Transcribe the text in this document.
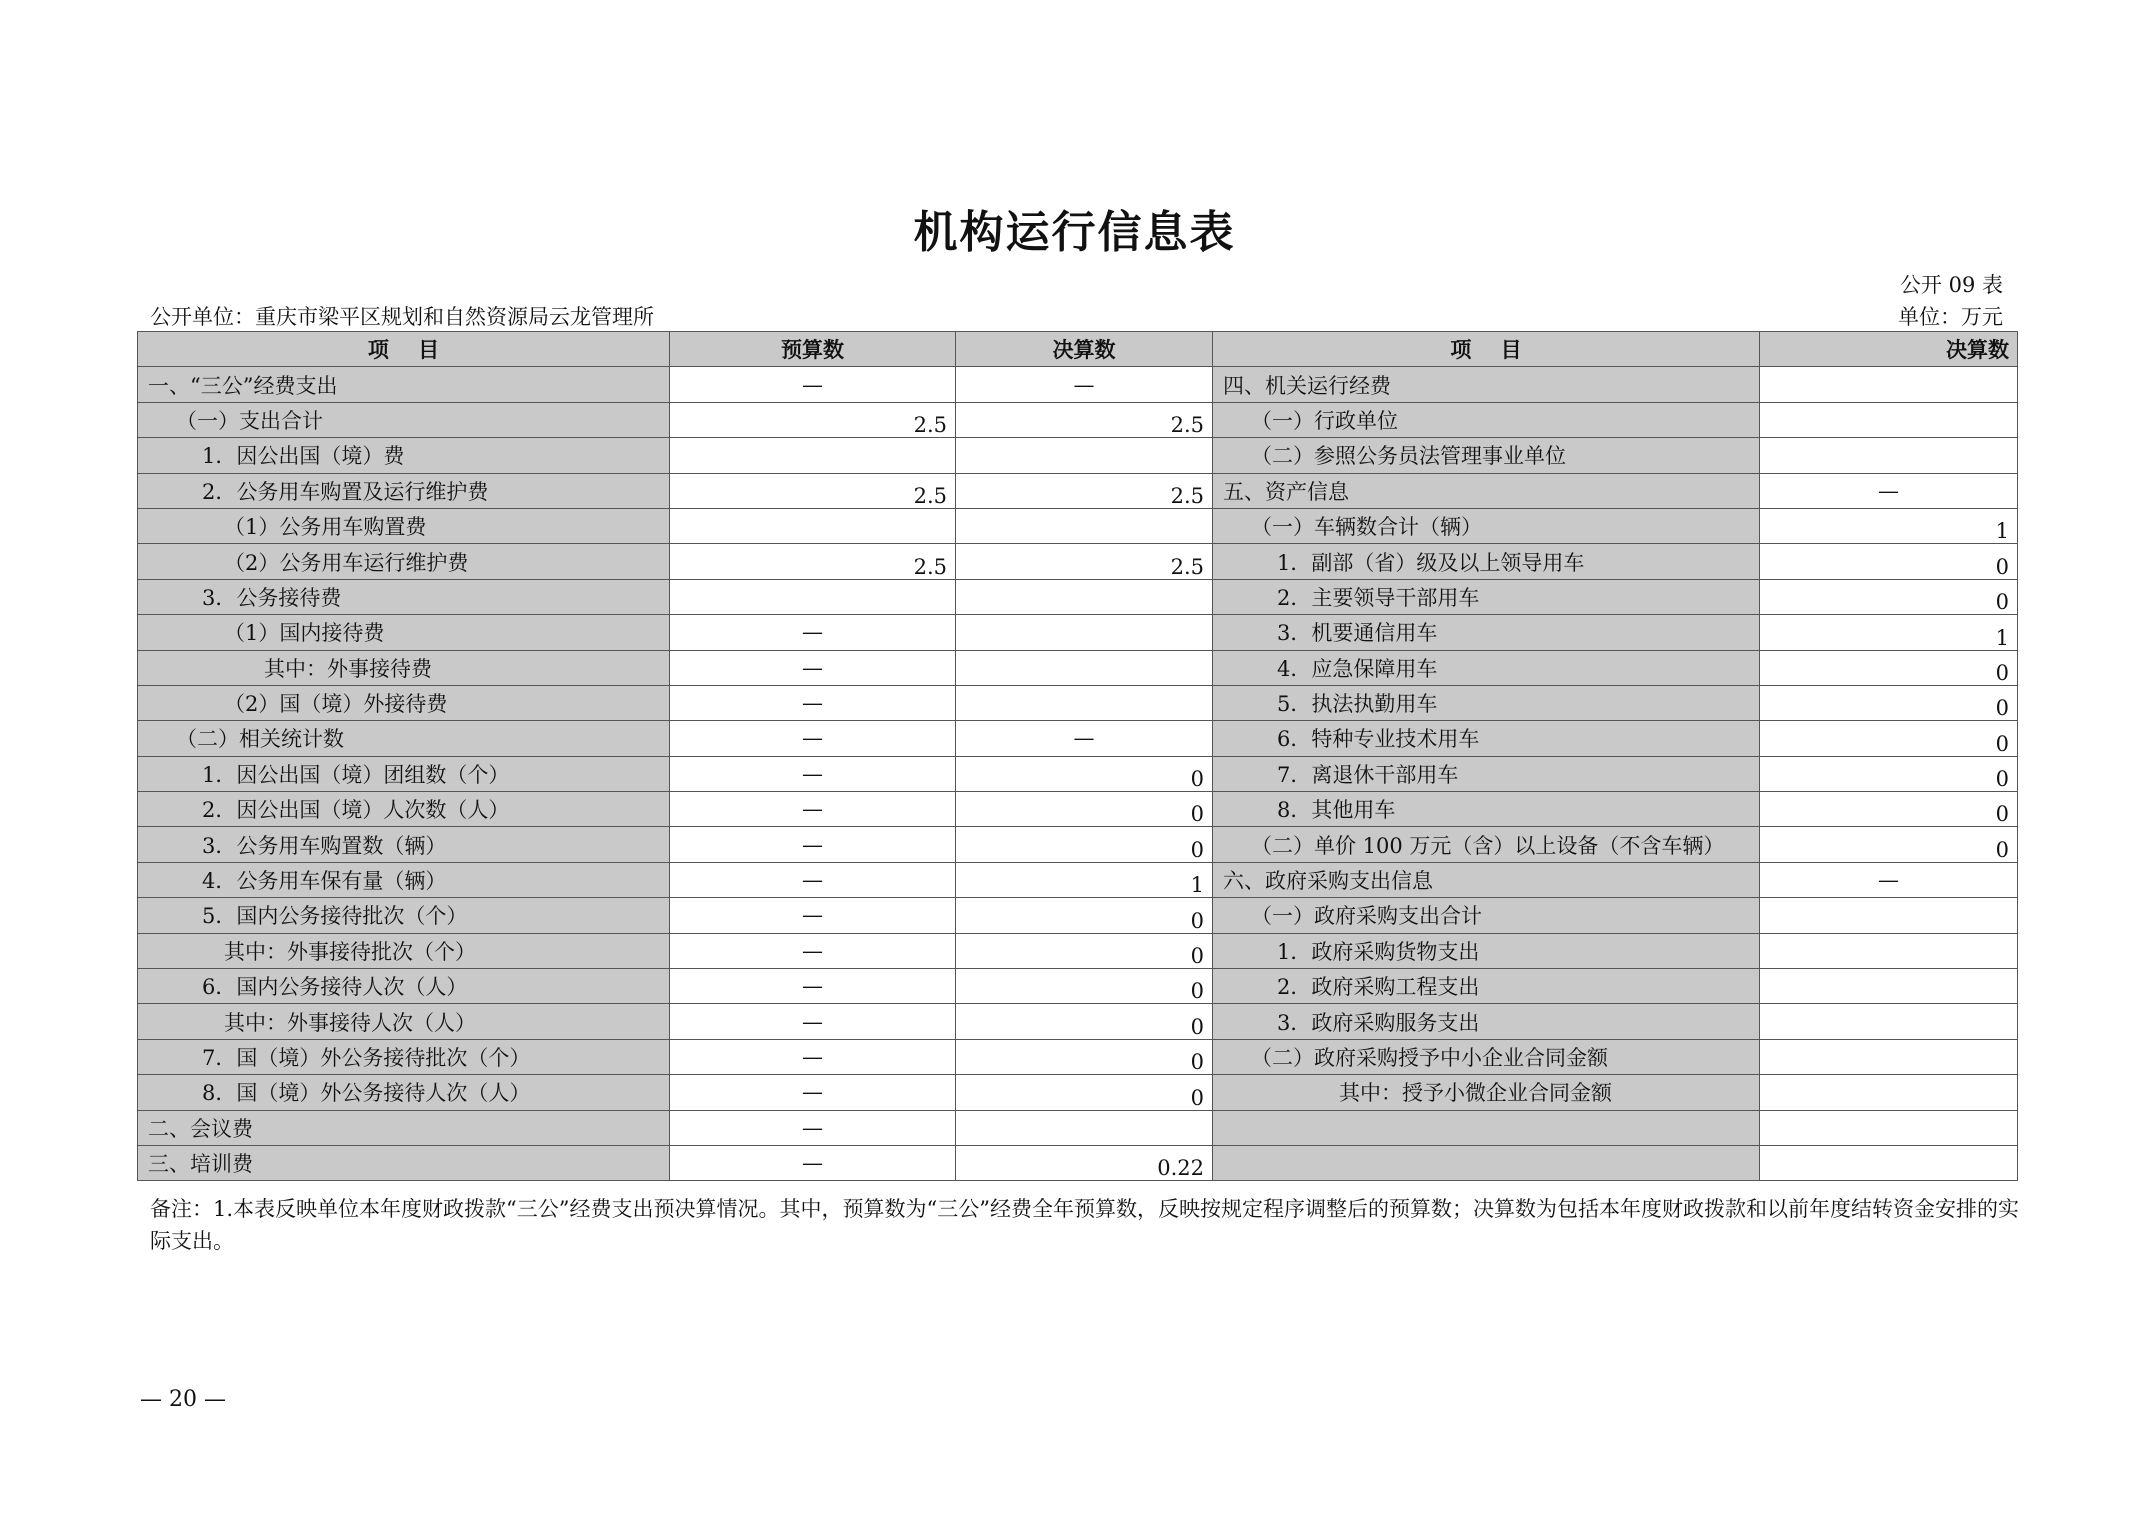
机构运行信息表
公开 09 表
公开单位：重庆市梁平区规划和自然资源局云龙管理所	单位：万元
项    目	预算数	决算数	项    目	决算数
一、“三公”经费支出	—	—	四、机关运行经费	
（一）支出合计	2.5	2.5	（一）行政单位	
1．因公出国（境）费			（二）参照公务员法管理事业单位	
2．公务用车购置及运行维护费	2.5	2.5	五、资产信息	—
（1）公务用车购置费			（一）车辆数合计（辆）	1
（2）公务用车运行维护费	2.5	2.5	1．副部（省）级及以上领导用车	0
3．公务接待费			2．主要领导干部用车	0
（1）国内接待费	—		3．机要通信用车	1
其中：外事接待费	—		4．应急保障用车	0
（2）国（境）外接待费	—		5．执法执勤用车	0
（二）相关统计数	—	—	6．特种专业技术用车	0
1．因公出国（境）团组数（个）	—	0	7．离退休干部用车	0
2．因公出国（境）人次数（人）	—	0	8．其他用车	0
3．公务用车购置数（辆）	—	0	（二）单价 100 万元（含）以上设备（不含车辆）	0
4．公务用车保有量（辆）	—	1	六、政府采购支出信息	—
5．国内公务接待批次（个）	—	0	（一）政府采购支出合计	
其中：外事接待批次（个）	—	0	1．政府采购货物支出	
6．国内公务接待人次（人）	—	0	2．政府采购工程支出	
其中：外事接待人次（人）	—	0	3．政府采购服务支出	
7．国（境）外公务接待批次（个）	—	0	（二）政府采购授予中小企业合同金额	
8．国（境）外公务接待人次（人）	—	0	其中：授予小微企业合同金额	
二、会议费	—			
三、培训费	—	0.22		
备注：1.本表反映单位本年度财政拨款“三公”经费支出预决算情况。其中，预算数为“三公”经费全年预算数，反映按规定程序调整后的预算数；决算数为包括本年度财政拨款和以前年度结转资金安排的实际支出。
— 20 —
